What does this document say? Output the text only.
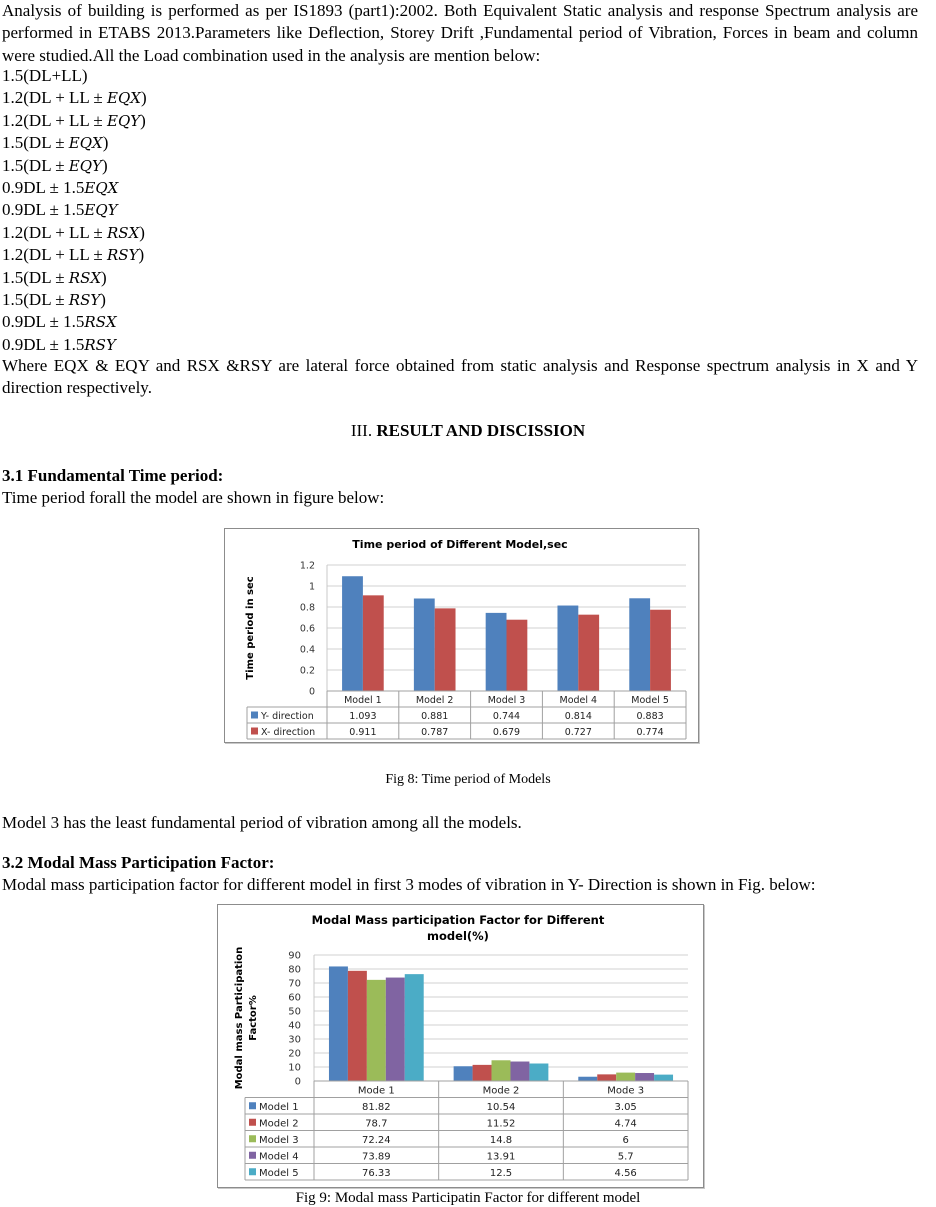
Analysis of building is performed as per IS1893 (part1):2002. Both Equivalent Static analysis and response Spectrum analysis are performed in ETABS 2013.Parameters like Deflection, Storey Drift ,Fundamental period of Vibration, Forces in beam and column were studied.All the Load combination used in the analysis are mention below:
1.5(DL+LL)
1.2(DL + LL ± EQX)
1.2(DL + LL ± EQY)
1.5(DL ± EQX)
1.5(DL ± EQY)
0.9DL ± 1.5EQX
0.9DL ± 1.5EQY
1.2(DL + LL ± RSX)
1.2(DL + LL ± RSY)
1.5(DL ± RSX)
1.5(DL ± RSY)
0.9DL ± 1.5RSX
0.9DL ± 1.5RSY
Where EQX & EQY and RSX &RSY are lateral force obtained from static analysis and Response spectrum analysis in X and Y direction respectively.
III. RESULT AND DISCISSION
3.1 Fundamental Time period:
Time period forall the model are shown in figure below:
Time period of Different Model,sec
Time period in sec
0
0.2
0.4
0.6
0.8
1
1.2
Model 1	Model 2	Model 3	Model 4	Model 5
Y- direction	1.093	0.881	0.744	0.814	0.883
X- direction	0.911	0.787	0.679	0.727	0.774
Fig 8: Time period of Models
Model 3 has the least fundamental period of vibration among all the models.
3.2 Modal Mass Participation Factor:
Modal mass participation factor for different model in first 3 modes of vibration in Y- Direction is shown in Fig. below:
Modal Mass participation Factor for Different
model(%)
Modal mass Participation Factor%
0
10
20
30
40
50
60
70
80
90
Mode 1	Mode 2	Mode 3
Model 1	81.82	10.54	3.05
Model 2	78.7	11.52	4.74
Model 3	72.24	14.8	6
Model 4	73.89	13.91	5.7
Model 5	76.33	12.5	4.56
Fig 9: Modal mass Participatin Factor for different model
